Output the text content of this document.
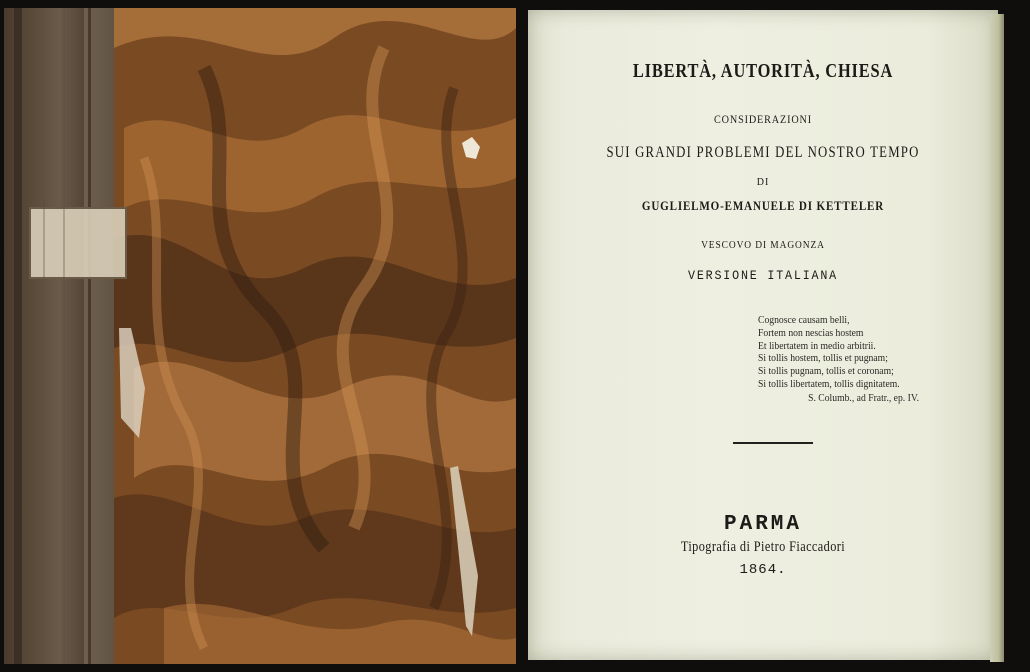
LIBERTÀ, AUTORITÀ, CHIESA
CONSIDERAZIONI
SUI GRANDI PROBLEMI DEL NOSTRO TEMPO
DI
GUGLIELMO-EMANUELE DI KETTELER
VESCOVO DI MAGONZA
VERSIONE ITALIANA
Cognosce causam belli,
Fortem non nescias hostem
Et libertatem in medio arbitrii.
Si tollis hostem, tollis et pugnam;
Si tollis pugnam, tollis et coronam;
Si tollis libertatem, tollis dignitatem.
S. Columb., ad Fratr., ep. IV.
PARMA
Tipografia di Pietro Fiaccadori
1864.
